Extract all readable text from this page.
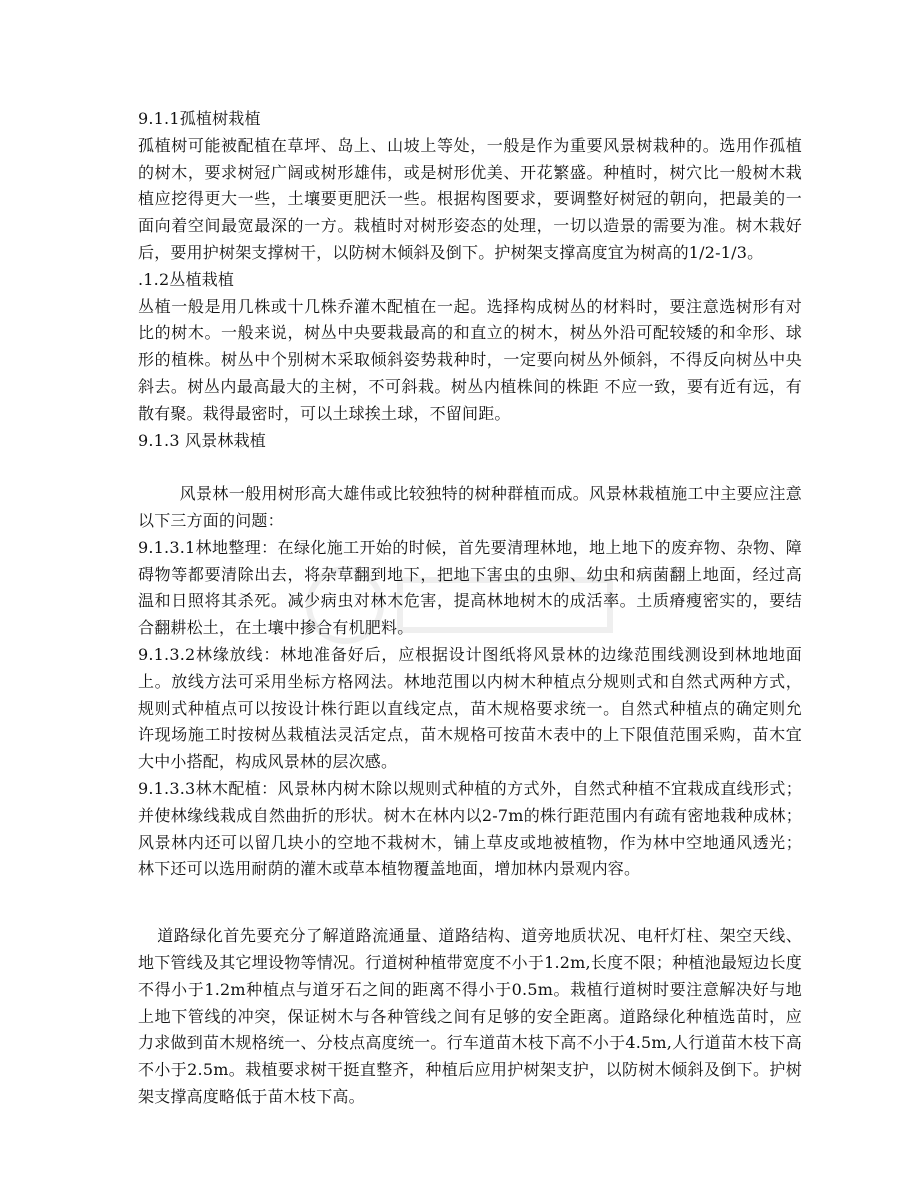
9.1.1孤植树栽植

孤植树可能被配植在草坪、岛上、山坡上等处，一般是作为重要风景树栽种的。选用作孤植的树木，要求树冠广阔或树形雄伟，或是树形优美、开花繁盛。种植时，树穴比一般树木栽植应挖得更大一些，土壤要更肥沃一些。根据构图要求，要调整好树冠的朝向，把最美的一面向着空间最宽最深的一方。栽植时对树形姿态的处理，一切以造景的需要为准。树木栽好后，要用护树架支撑树干，以防树木倾斜及倒下。护树架支撑高度宜为树高的1/2-1/3。

.1.2丛植栽植

丛植一般是用几株或十几株乔灌木配植在一起。选择构成树丛的材料时，要注意选树形有对比的树木。一般来说，树丛中央要栽最高的和直立的树木，树丛外沿可配较矮的和伞形、球形的植株。树丛中个别树木采取倾斜姿势栽种时，一定要向树丛外倾斜，不得反向树丛中央斜去。树丛内最高最大的主树，不可斜栽。树丛内植株间的株距 不应一致，要有近有远，有散有聚。栽得最密时，可以土球挨土球，不留间距。

9.1.3 风景林栽植

风景林一般用树形高大雄伟或比较独特的树种群植而成。风景林栽植施工中主要应注意以下三方面的问题：

9.1.3.1林地整理：在绿化施工开始的时候，首先要清理林地，地上地下的废弃物、杂物、障碍物等都要清除出去，将杂草翻到地下，把地下害虫的虫卵、幼虫和病菌翻上地面，经过高温和日照将其杀死。减少病虫对林木危害，提高林地树木的成活率。土质瘠瘦密实的，要结合翻耕松土，在土壤中掺合有机肥料。

9.1.3.2林缘放线：林地准备好后，应根据设计图纸将风景林的边缘范围线测设到林地地面上。放线方法可采用坐标方格网法。林地范围以内树木种植点分规则式和自然式两种方式，规则式种植点可以按设计株行距以直线定点，苗木规格要求统一。自然式种植点的确定则允许现场施工时按树丛栽植法灵活定点，苗木规格可按苗木表中的上下限值范围采购，苗木宜大中小搭配，构成风景林的层次感。

9.1.3.3林木配植：风景林内树木除以规则式种植的方式外，自然式种植不宜栽成直线形式；并使林缘线栽成自然曲折的形状。树木在林内以2-7m的株行距范围内有疏有密地栽种成林；风景林内还可以留几块小的空地不栽树木，铺上草皮或地被植物，作为林中空地通风透光；林下还可以选用耐荫的灌木或草本植物覆盖地面，增加林内景观内容。

道路绿化首先要充分了解道路流通量、道路结构、道旁地质状况、电杆灯柱、架空天线、地下管线及其它埋设物等情况。行道树种植带宽度不小于1.2m,长度不限；种植池最短边长度不得小于1.2m种植点与道牙石之间的距离不得小于0.5m。栽植行道树时要注意解决好与地上地下管线的冲突，保证树木与各种管线之间有足够的安全距离。道路绿化种植选苗时，应力求做到苗木规格统一、分枝点高度统一。行车道苗木枝下高不小于4.5m,人行道苗木枝下高不小于2.5m。栽植要求树干挺直整齐，种植后应用护树架支护，以防树木倾斜及倒下。护树架支撑高度略低于苗木枝下高。
